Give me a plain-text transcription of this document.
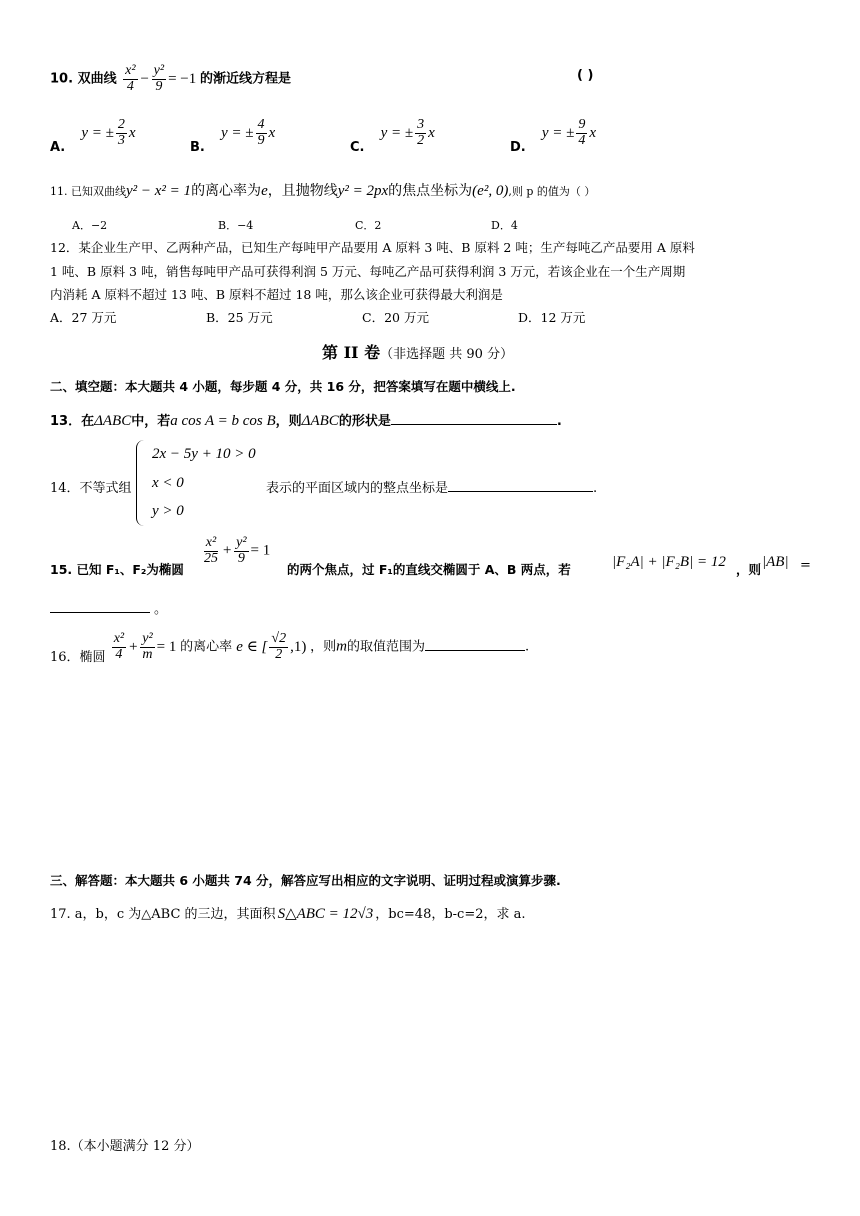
10. 双曲线 $\frac{\text{x²}}{4} - \frac{\text{y²}}{9} = -1$ 的渐近线方程是	( )
A. y = ± $\frac{2}{3}$ x
B. y = ± $\frac{4}{9}$ x
C. y = ± $\frac{3}{2}$ x
D. y = ± $\frac{9}{4}$ x
11. 已知双曲线y² − x² = 1的离心率为e，且抛物线y² = 2px的焦点坐标为(e², 0),则 p 的值为（ ）
A．−2	B．−4	C．2	D．4
12．某企业生产甲、乙两种产品，已知生产每吨甲产品要用 A 原料 3 吨、B 原料 2 吨；生产每吨乙产品要用 A 原料
1 吨、B 原料 3 吨，销售每吨甲产品可获得利润 5 万元、每吨乙产品可获得利润 3 万元，若该企业在一个生产周期
内消耗 A 原料不超过 13 吨、B 原料不超过 18 吨，那么该企业可获得最大利润是
A．27 万元	B．25 万元	C．20 万元	D．12 万元
第 II 卷（非选择题 共 90 分）
二、填空题：本大题共 4 小题，每步题 4 分，共 16 分，把答案填写在题中横线上.
13．在ΔABC中，若a cos A = b cos B，则ΔABC的形状是	.
14．不等式组
2x − 5y + 10 > 0
x < 0
y > 0
表示的平面区域内的整点坐标是	.
15. 已知 F₁、F₂为椭圆
$\frac{\text{x²}}{25} + \frac{\text{y²}}{9} = 1$
的两个焦点，过 F₁的直线交椭圆于 A、B 两点，若	|F₂A| + |F₂B| = 12 ，则 |AB| =
。
16．椭圆 $\frac{\text{x²}}{4} + \frac{\text{y²}}{m} = 1$ 的离心率 e ∈ [ $\frac{√2}{2} ,1$) ，则m的取值范围为	.
三、解答题：本大题共 6 小题共 74 分，解答应写出相应的文字说明、证明过程或演算步骤.
17. a，b，c 为△ABC 的三边，其面积 S△ABC = 12√3 ，bc=48，b-c=2，求 a.
18.（本小题满分 12 分）
